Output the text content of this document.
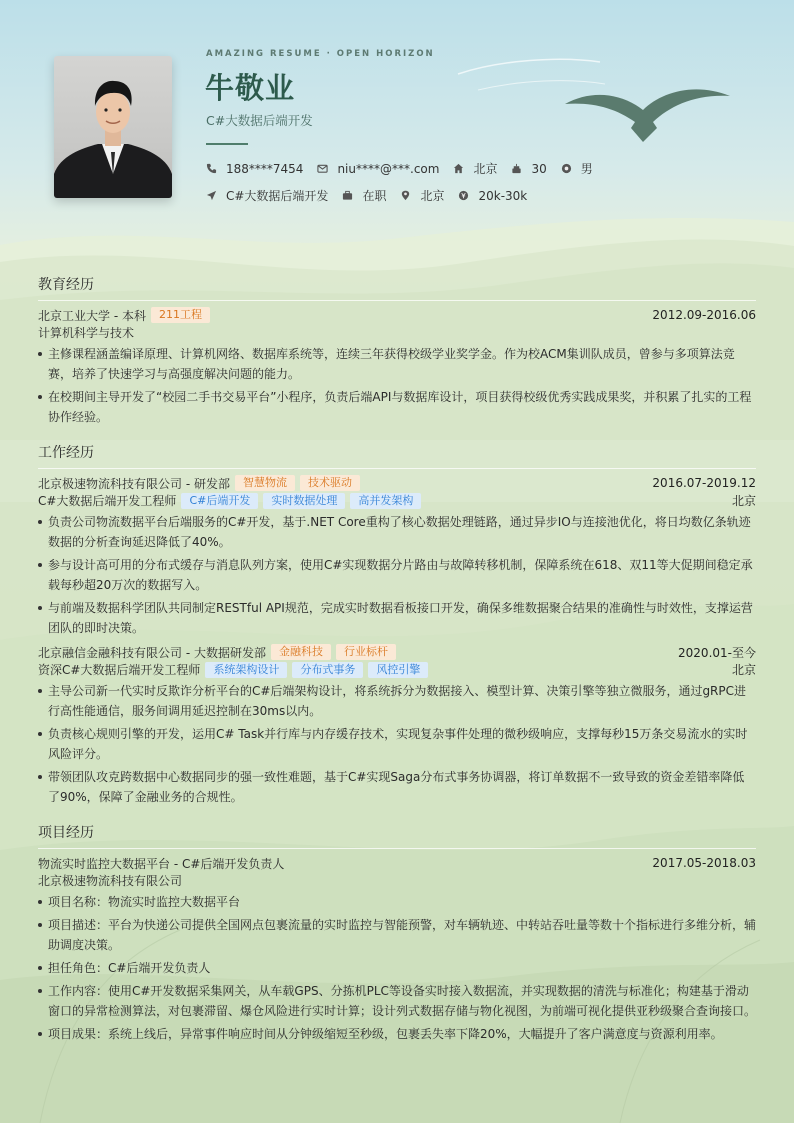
AMAZING RESUME · OPEN HORIZON
牛敬业
C#大数据后端开发
188****7454	niu****@***.com	北京	30	男
C#大数据后端开发	在职	北京	20k-30k
教育经历
北京工业大学 - 本科	211工程	2012.09-2016.06
计算机科学与技术
主修课程涵盖编译原理、计算机网络、数据库系统等，连续三年获得校级学业奖学金。作为校ACM集训队成员，曾参与多项算法竞赛，培养了快速学习与高强度解决问题的能力。
在校期间主导开发了“校园二手书交易平台”小程序，负责后端API与数据库设计，项目获得校级优秀实践成果奖，并积累了扎实的工程协作经验。
工作经历
北京极速物流科技有限公司 - 研发部	智慧物流	技术驱动	2016.07-2019.12
C#大数据后端开发工程师	C#后端开发	实时数据处理	高并发架构	北京
负责公司物流数据平台后端服务的C#开发，基于.NET Core重构了核心数据处理链路，通过异步IO与连接池优化，将日均数亿条轨迹数据的分析查询延迟降低了40%。
参与设计高可用的分布式缓存与消息队列方案，使用C#实现数据分片路由与故障转移机制，保障系统在618、双11等大促期间稳定承载每秒超20万次的数据写入。
与前端及数据科学团队共同制定RESTful API规范，完成实时数据看板接口开发，确保多维数据聚合结果的准确性与时效性，支撑运营团队的即时决策。
北京融信金融科技有限公司 - 大数据研发部	金融科技	行业标杆	2020.01-至今
资深C#大数据后端开发工程师	系统架构设计	分布式事务	风控引擎	北京
主导公司新一代实时反欺诈分析平台的C#后端架构设计，将系统拆分为数据接入、模型计算、决策引擎等独立微服务，通过gRPC进行高性能通信，服务间调用延迟控制在30ms以内。
负责核心规则引擎的开发，运用C# Task并行库与内存缓存技术，实现复杂事件处理的微秒级响应，支撑每秒15万条交易流水的实时风险评分。
带领团队攻克跨数据中心数据同步的强一致性难题，基于C#实现Saga分布式事务协调器，将订单数据不一致导致的资金差错率降低了90%，保障了金融业务的合规性。
项目经历
物流实时监控大数据平台 - C#后端开发负责人	2017.05-2018.03
北京极速物流科技有限公司
项目名称：物流实时监控大数据平台
项目描述：平台为快递公司提供全国网点包裹流量的实时监控与智能预警，对车辆轨迹、中转站吞吐量等数十个指标进行多维分析，辅助调度决策。
担任角色：C#后端开发负责人
工作内容：使用C#开发数据采集网关，从车载GPS、分拣机PLC等设备实时接入数据流，并实现数据的清洗与标准化；构建基于滑动窗口的异常检测算法，对包裹滞留、爆仓风险进行实时计算；设计列式数据存储与物化视图，为前端可视化提供亚秒级聚合查询接口。
项目成果：系统上线后，异常事件响应时间从分钟级缩短至秒级，包裹丢失率下降20%，大幅提升了客户满意度与资源利用率。
